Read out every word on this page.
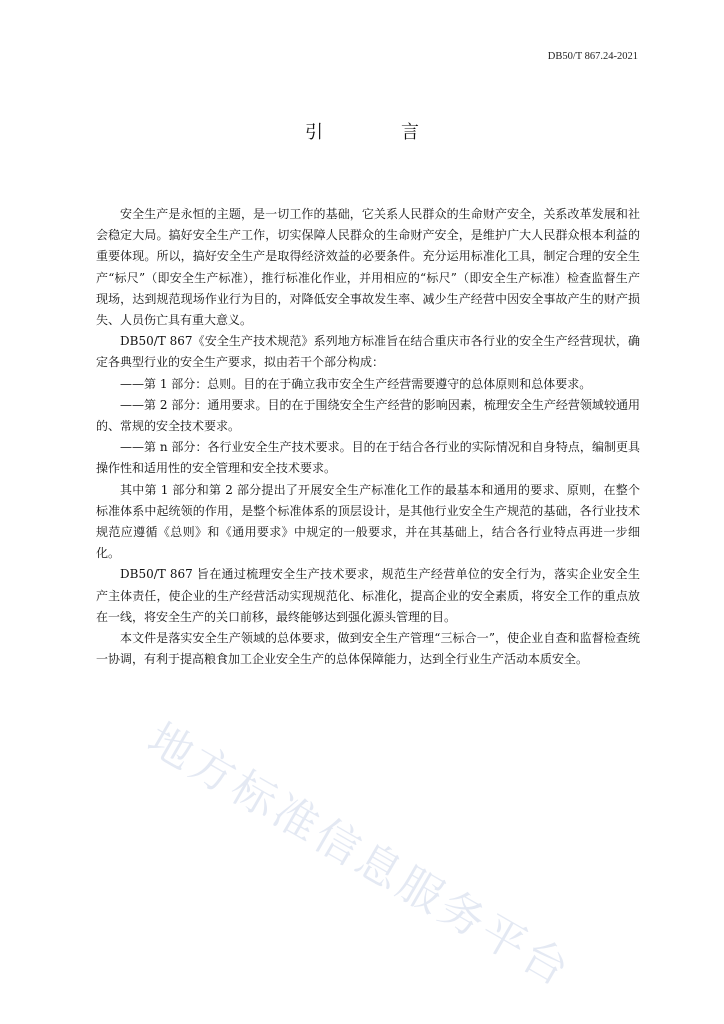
DB50/T 867.24-2021
引　言

安全生产是永恒的主题，是一切工作的基础，它关系人民群众的生命财产安全，关系改革发展和社会稳定大局。搞好安全生产工作，切实保障人民群众的生命财产安全，是维护广大人民群众根本利益的重要体现。所以，搞好安全生产是取得经济效益的必要条件。充分运用标准化工具，制定合理的安全生产“标尺”（即安全生产标准），推行标准化作业，并用相应的“标尺”（即安全生产标准）检查监督生产现场，达到规范现场作业行为目的，对降低安全事故发生率、减少生产经营中因安全事故产生的财产损失、人员伤亡具有重大意义。

DB50/T 867《安全生产技术规范》系列地方标准旨在结合重庆市各行业的安全生产经营现状，确定各典型行业的安全生产要求，拟由若干个部分构成：

——第 1 部分：总则。目的在于确立我市安全生产经营需要遵守的总体原则和总体要求。

——第 2 部分：通用要求。目的在于围绕安全生产经营的影响因素，梳理安全生产经营领域较通用的、常规的安全技术要求。

——第 n 部分：各行业安全生产技术要求。目的在于结合各行业的实际情况和自身特点，编制更具操作性和适用性的安全管理和安全技术要求。

其中第 1 部分和第 2 部分提出了开展安全生产标准化工作的最基本和通用的要求、原则，在整个标准体系中起统领的作用，是整个标准体系的顶层设计，是其他行业安全生产规范的基础，各行业技术规范应遵循《总则》和《通用要求》中规定的一般要求，并在其基础上，结合各行业特点再进一步细化。

DB50/T 867 旨在通过梳理安全生产技术要求，规范生产经营单位的安全行为，落实企业安全生产主体责任，使企业的生产经营活动实现规范化、标准化，提高企业的安全素质，将安全工作的重点放在一线，将安全生产的关口前移，最终能够达到强化源头管理的目。

本文件是落实安全生产领域的总体要求，做到安全生产管理“三标合一”，使企业自查和监督检查统一协调，有利于提高粮食加工企业安全生产的总体保障能力，达到全行业生产活动本质安全。

地方标准信息服务平台
